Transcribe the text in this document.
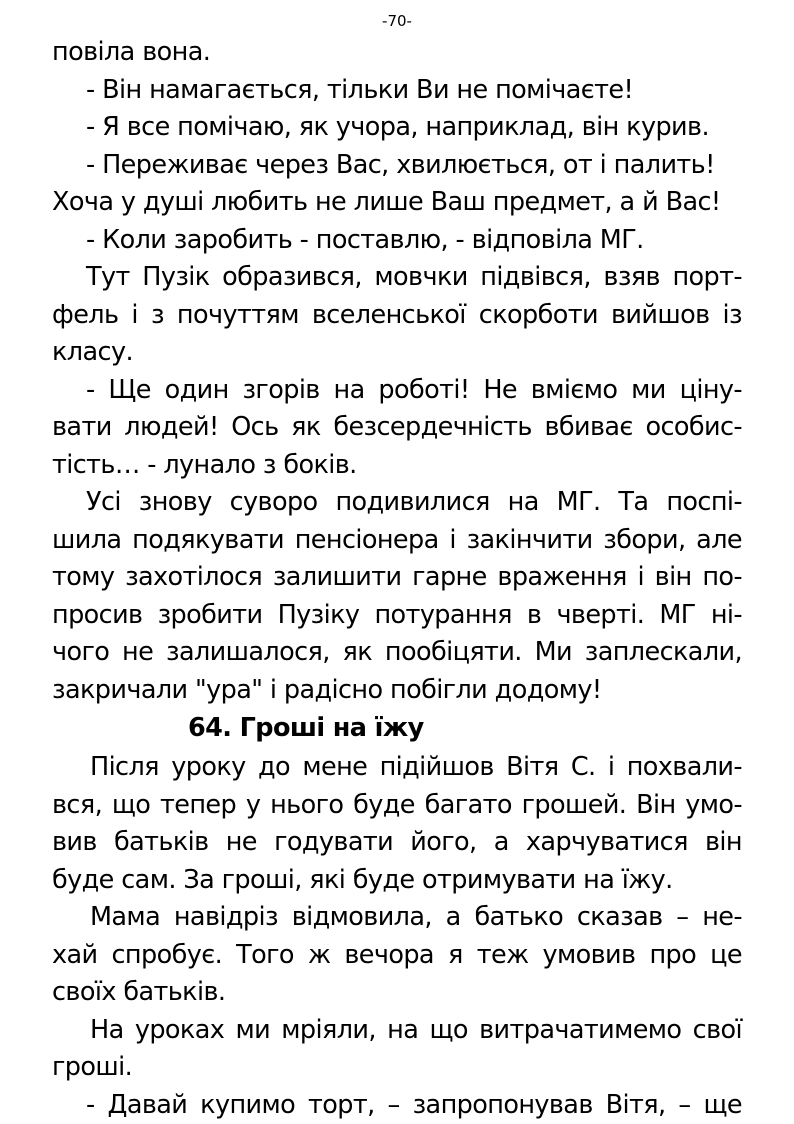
-70-
повіла вона.
- Він намагається, тільки Ви не помічаєте!
- Я все помічаю, як учора, наприклад, він курив.
- Переживає через Вас, хвилюється, от і палить!
Хоча у душі любить не лише Ваш предмет, а й Вас!
- Коли заробить - поставлю, - відповіла МГ.
Тут Пузік образився, мовчки підвівся, взяв порт-
фель і з почуттям вселенської скорботи вийшов із
класу.
- Ще один згорів на роботі! Не вміємо ми ціну-
вати людей! Ось як безсердечність вбиває особис-
тість… - лунало з боків.
Усі знову суворо подивилися на МГ. Та поспі-
шила подякувати пенсіонера і закінчити збори, але
тому захотілося залишити гарне враження і він по-
просив зробити Пузіку потурання в чверті. МГ ні-
чого не залишалося, як пообіцяти. Ми заплескали,
закричали "ура" і радісно побігли додому!
64. Гроші на їжу
Після уроку до мене підійшов Вітя С. і похвали-
вся, що тепер у нього буде багато грошей. Він умо-
вив батьків не годувати його, а харчуватися він
буде сам. За гроші, які буде отримувати на їжу.
Мама навідріз відмовила, а батько сказав – не-
хай спробує. Того ж вечора я теж умовив про це
своїх батьків.
На уроках ми мріяли, на що витрачатимемо свої
гроші.
- Давай купимо торт, – запропонував Вітя, – ще
